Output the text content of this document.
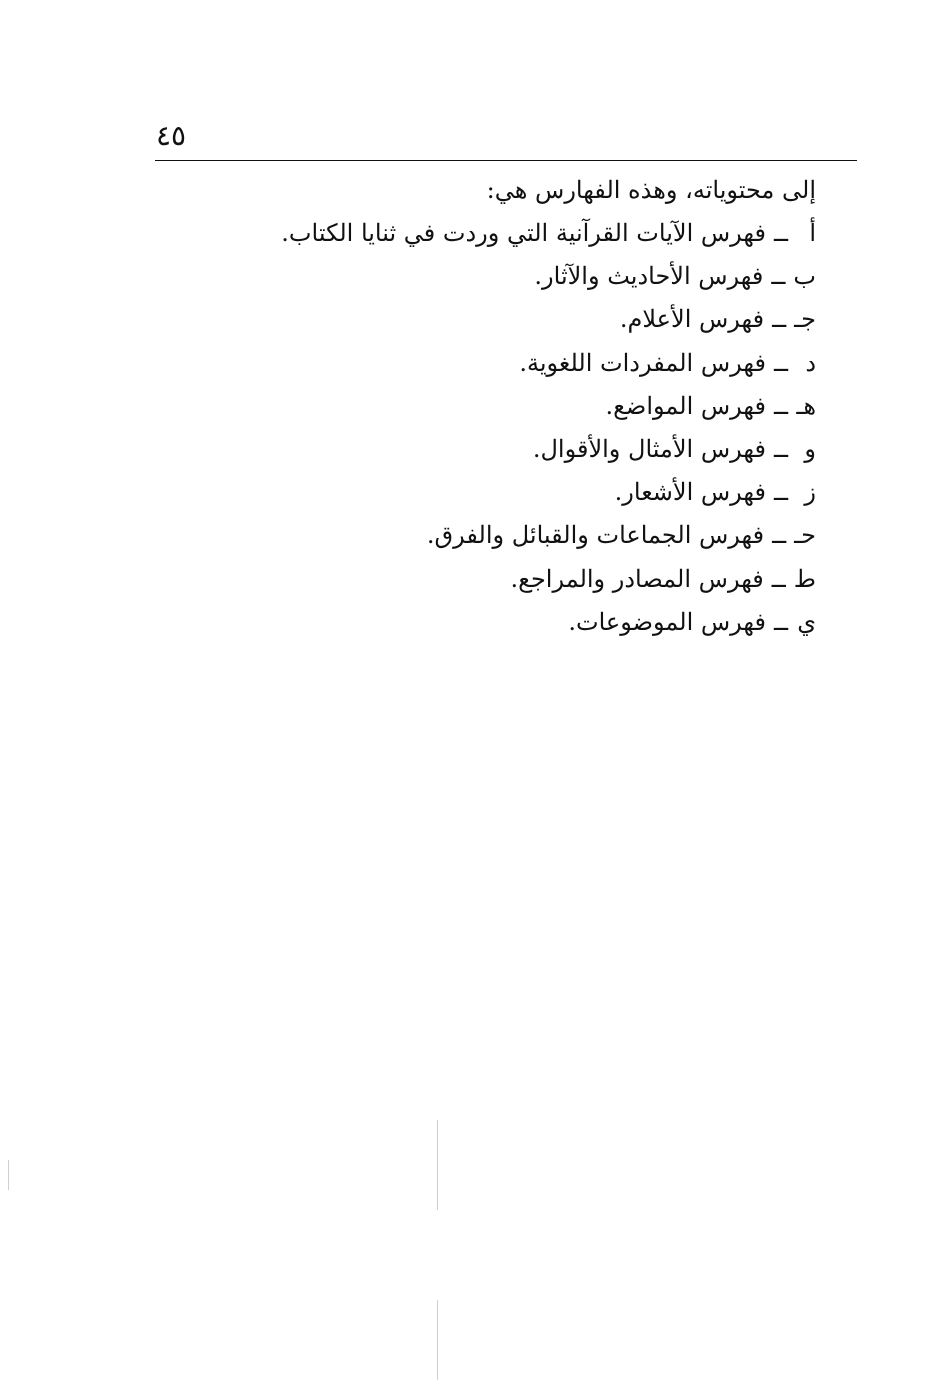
٤٥
إلى محتوياته، وهذه الفهارس هي:
أ
ــ
فهرس الآيات القرآنية التي وردت في ثنايا الكتاب.
ب
ــ
فهرس الأحاديث والآثار.
جـ
ــ
فهرس الأعلام.
د
ــ
فهرس المفردات اللغوية.
هـ
ــ
فهرس المواضع.
و
ــ
فهرس الأمثال والأقوال.
ز
ــ
فهرس الأشعار.
حـ
ــ
فهرس الجماعات والقبائل والفرق.
ط
ــ
فهرس المصادر والمراجع.
ي
ــ
فهرس الموضوعات.
